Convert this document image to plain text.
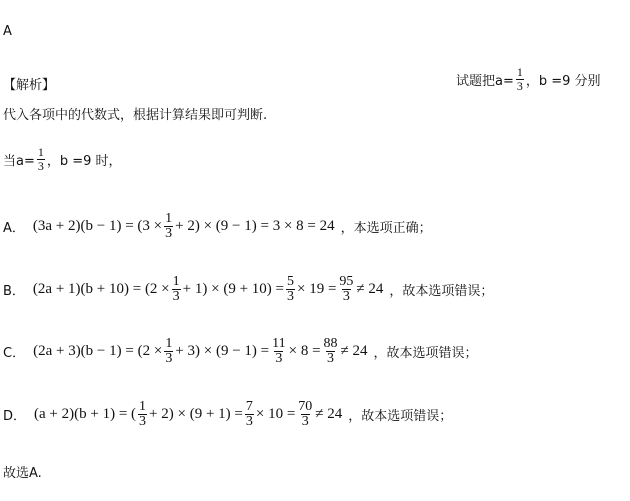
A
【解析】	试题把$a= \frac{1}{3}$ ，b =9 分别
代入各项中的代数式，根据计算结果即可判断.
当$a= \frac{1}{3}$ ，b =9 时，
A． $(3a + 2)(b - 1) = (3 \times \frac{1}{3} + 2) \times (9 - 1) = 3 \times 8 = 24$ ，本选项正确；
B． $(2a + 1)(b + 10) = (2 \times \frac{1}{3} + 1) \times (9 + 10) = \frac{5}{3} \times 19 = \frac{95}{3} \ne 24$ ，故本选项错误；
C． $(2a + 3)(b - 1) = (2 \times \frac{1}{3} + 3) \times (9 - 1) = \frac{11}{3} \times 8 = \frac{88}{3} \ne 24$ ，故本选项错误；
D． (a + 2)(b + 1) = ( $\frac{1}{3} + 2) \times (9 + 1) = \frac{7}{3} \times 10 = \frac{70}{3} \ne 24$ ，故本选项错误；
故选A.
